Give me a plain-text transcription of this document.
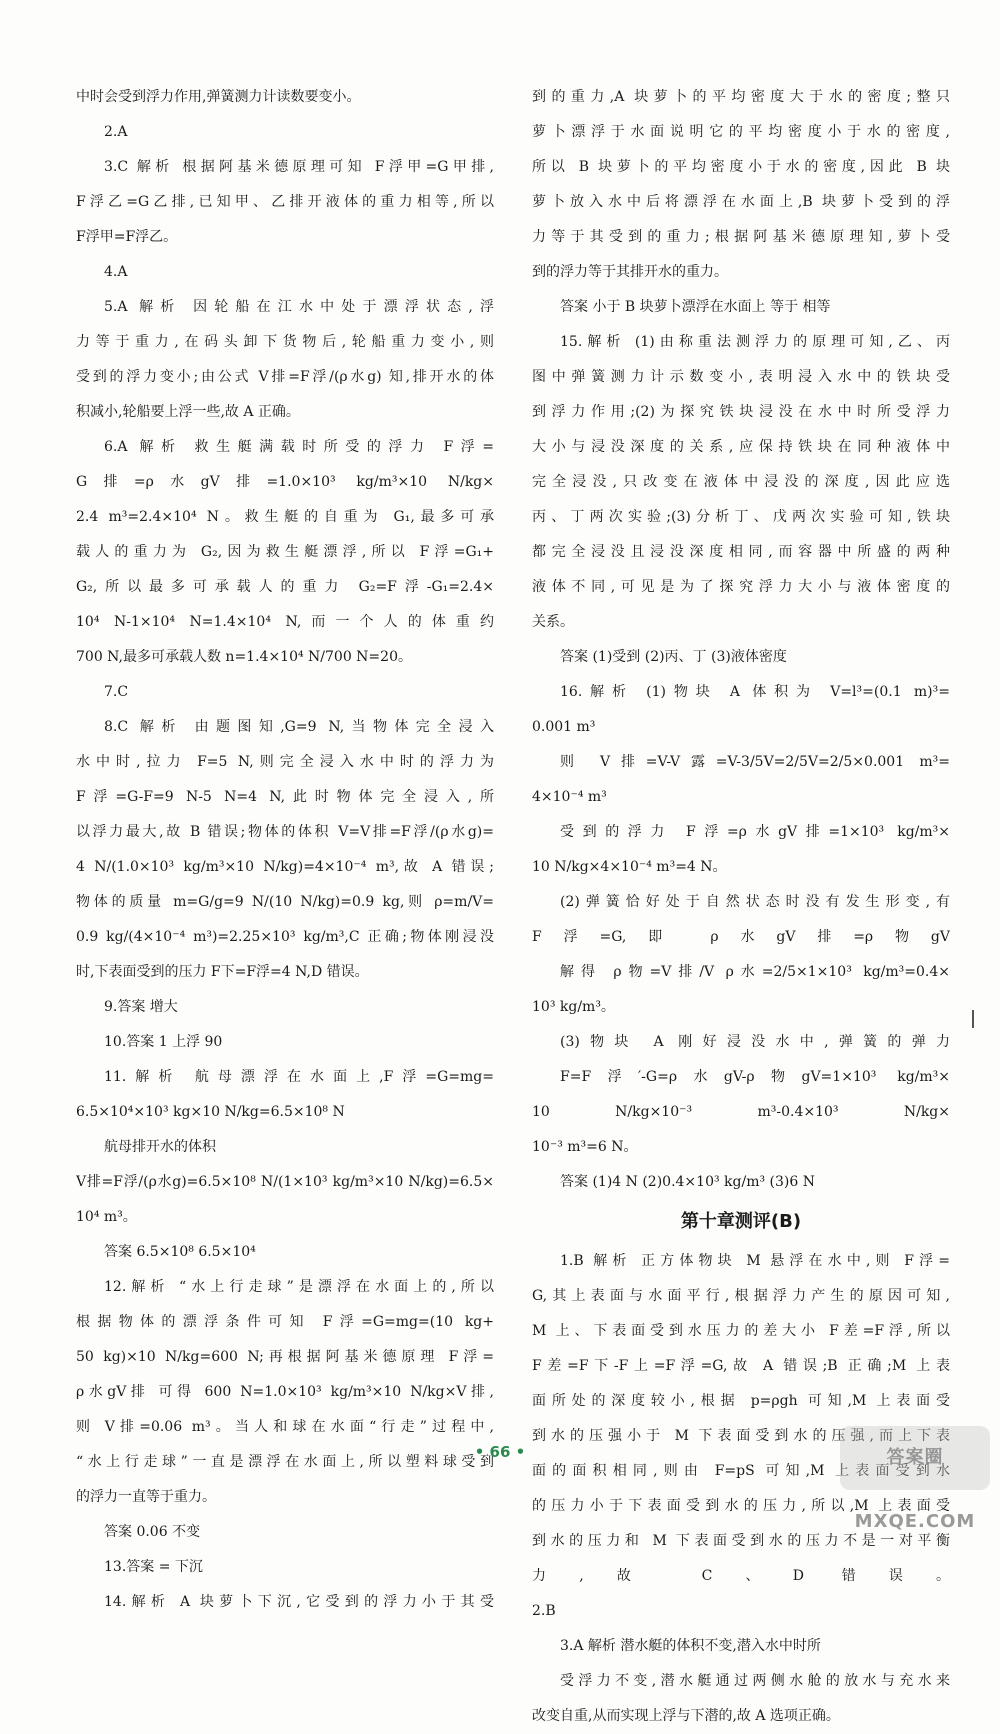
中时会受到浮力作用,弹簧测力计读数要变小。
2.A
3.C 解析 根据阿基米德原理可知 F浮甲=G甲排,
F浮乙=G乙排,已知甲、乙排开液体的重力相等,所以
F浮甲=F浮乙。
4.A
5.A 解析 因轮船在江水中处于漂浮状态,浮
力等于重力,在码头卸下货物后,轮船重力变小,则
受到的浮力变小;由公式 V排=F浮/(ρ水g) 知,排开水的体
积减小,轮船要上浮一些,故 A 正确。
6.A 解析 救生艇满载时所受的浮力 F浮=
G排=ρ水gV排=1.0×10³ kg/m³×10 N/kg×
2.4 m³=2.4×10⁴ N。救生艇的自重为 G₁,最多可承
载人的重力为 G₂,因为救生艇漂浮,所以 F浮=G₁+
G₂,所以最多可承载人的重力 G₂=F浮-G₁=2.4×
10⁴ N-1×10⁴ N=1.4×10⁴ N,而一个人的体重约
700 N,最多可承载人数 n=1.4×10⁴ N/700 N=20。
7.C
8.C 解析 由题图知,G=9 N,当物体完全浸入
水中时,拉力 F=5 N,则完全浸入水中时的浮力为
F浮=G-F=9 N-5 N=4 N,此时物体完全浸入,所
以浮力最大,故 B 错误;物体的体积 V=V排=F浮/(ρ水g)=
4 N/(1.0×10³ kg/m³×10 N/kg)=4×10⁻⁴ m³,故 A 错误;
物体的质量 m=G/g=9 N/(10 N/kg)=0.9 kg,则 ρ=m/V=
0.9 kg/(4×10⁻⁴ m³)=2.25×10³ kg/m³,C 正确;物体刚浸没
时,下表面受到的压力 F下=F浮=4 N,D 错误。
9.答案 增大
10.答案 1 上浮 90
11.解析 航母漂浮在水面上,F浮=G=mg=
6.5×10⁴×10³ kg×10 N/kg=6.5×10⁸ N
航母排开水的体积
V排=F浮/(ρ水g)=6.5×10⁸ N/(1×10³ kg/m³×10 N/kg)=6.5×
10⁴ m³。
答案 6.5×10⁸ 6.5×10⁴
12.解析 “水上行走球”是漂浮在水面上的,所以
根据物体的漂浮条件可知 F浮=G=mg=(10 kg+
50 kg)×10 N/kg=600 N;再根据阿基米德原理 F浮=
ρ水gV排 可得 600 N=1.0×10³ kg/m³×10 N/kg×V排,
则 V排=0.06 m³。当人和球在水面“行走”过程中,
“水上行走球”一直是漂浮在水面上,所以塑料球受到
的浮力一直等于重力。
答案 0.06 不变
13.答案 = 下沉
14.解析 A 块萝卜下沉,它受到的浮力小于其受
到的重力,A 块萝卜的平均密度大于水的密度;整只
萝卜漂浮于水面说明它的平均密度小于水的密度,
所以 B 块萝卜的平均密度小于水的密度,因此 B 块
萝卜放入水中后将漂浮在水面上,B 块萝卜受到的浮
力等于其受到的重力;根据阿基米德原理知,萝卜受
到的浮力等于其排开水的重力。
答案 小于 B 块萝卜漂浮在水面上 等于 相等
15.解析 (1)由称重法测浮力的原理可知,乙、丙
图中弹簧测力计示数变小,表明浸入水中的铁块受
到浮力作用;(2)为探究铁块浸没在水中时所受浮力
大小与浸没深度的关系,应保持铁块在同种液体中
完全浸没,只改变在液体中浸没的深度,因此应选
丙、丁两次实验;(3)分析丁、戊两次实验可知,铁块
都完全浸没且浸没深度相同,而容器中所盛的两种
液体不同,可见是为了探究浮力大小与液体密度的
关系。
答案 (1)受到 (2)丙、丁 (3)液体密度
16.解析 (1)物块 A 体积为 V=l³=(0.1 m)³=
0.001 m³
则 V排=V-V露=V-3/5V=2/5V=2/5×0.001 m³=
4×10⁻⁴ m³
受到的浮力 F浮=ρ水gV排=1×10³ kg/m³×
10 N/kg×4×10⁻⁴ m³=4 N。
(2)弹簧恰好处于自然状态时没有发生形变,有
F浮=G,即 ρ水gV排=ρ物gV
解得 ρ物=V排/V ρ水=2/5×1×10³ kg/m³=0.4×
10³ kg/m³。
(3)物块 A 刚好浸没水中,弹簧的弹力
F=F浮′-G=ρ水gV-ρ物gV=1×10³ kg/m³×
10 N/kg×10⁻³ m³-0.4×10³ N/kg×
10⁻³ m³=6 N。
答案 (1)4 N (2)0.4×10³ kg/m³ (3)6 N
第十章测评(B)
1.B 解析 正方体物块 M 悬浮在水中,则 F浮=
G,其上表面与水面平行,根据浮力产生的原因可知,
M 上、下表面受到水压力的差大小 F差=F浮,所以
F差=F下-F上=F浮=G,故 A 错误;B 正确;M 上表
面所处的深度较小,根据 p=ρgh 可知,M 上表面受
到水的压强小于 M 下表面受到水的压强,而上下表
面的面积相同,则由 F=pS 可知,M 上表面受到水
的压力小于下表面受到水的压力,所以,M 上表面受
到水的压力和 M 下表面受到水的压力不是一对平衡
力,故 C、D 错误。
2.B
3.A 解析 潜水艇的体积不变,潜入水中时所
受浮力不变,潜水艇通过两侧水舱的放水与充水来
改变自重,从而实现上浮与下潜的,故 A 选项正确。
• 66 •	答案圈 MXQE.COM
